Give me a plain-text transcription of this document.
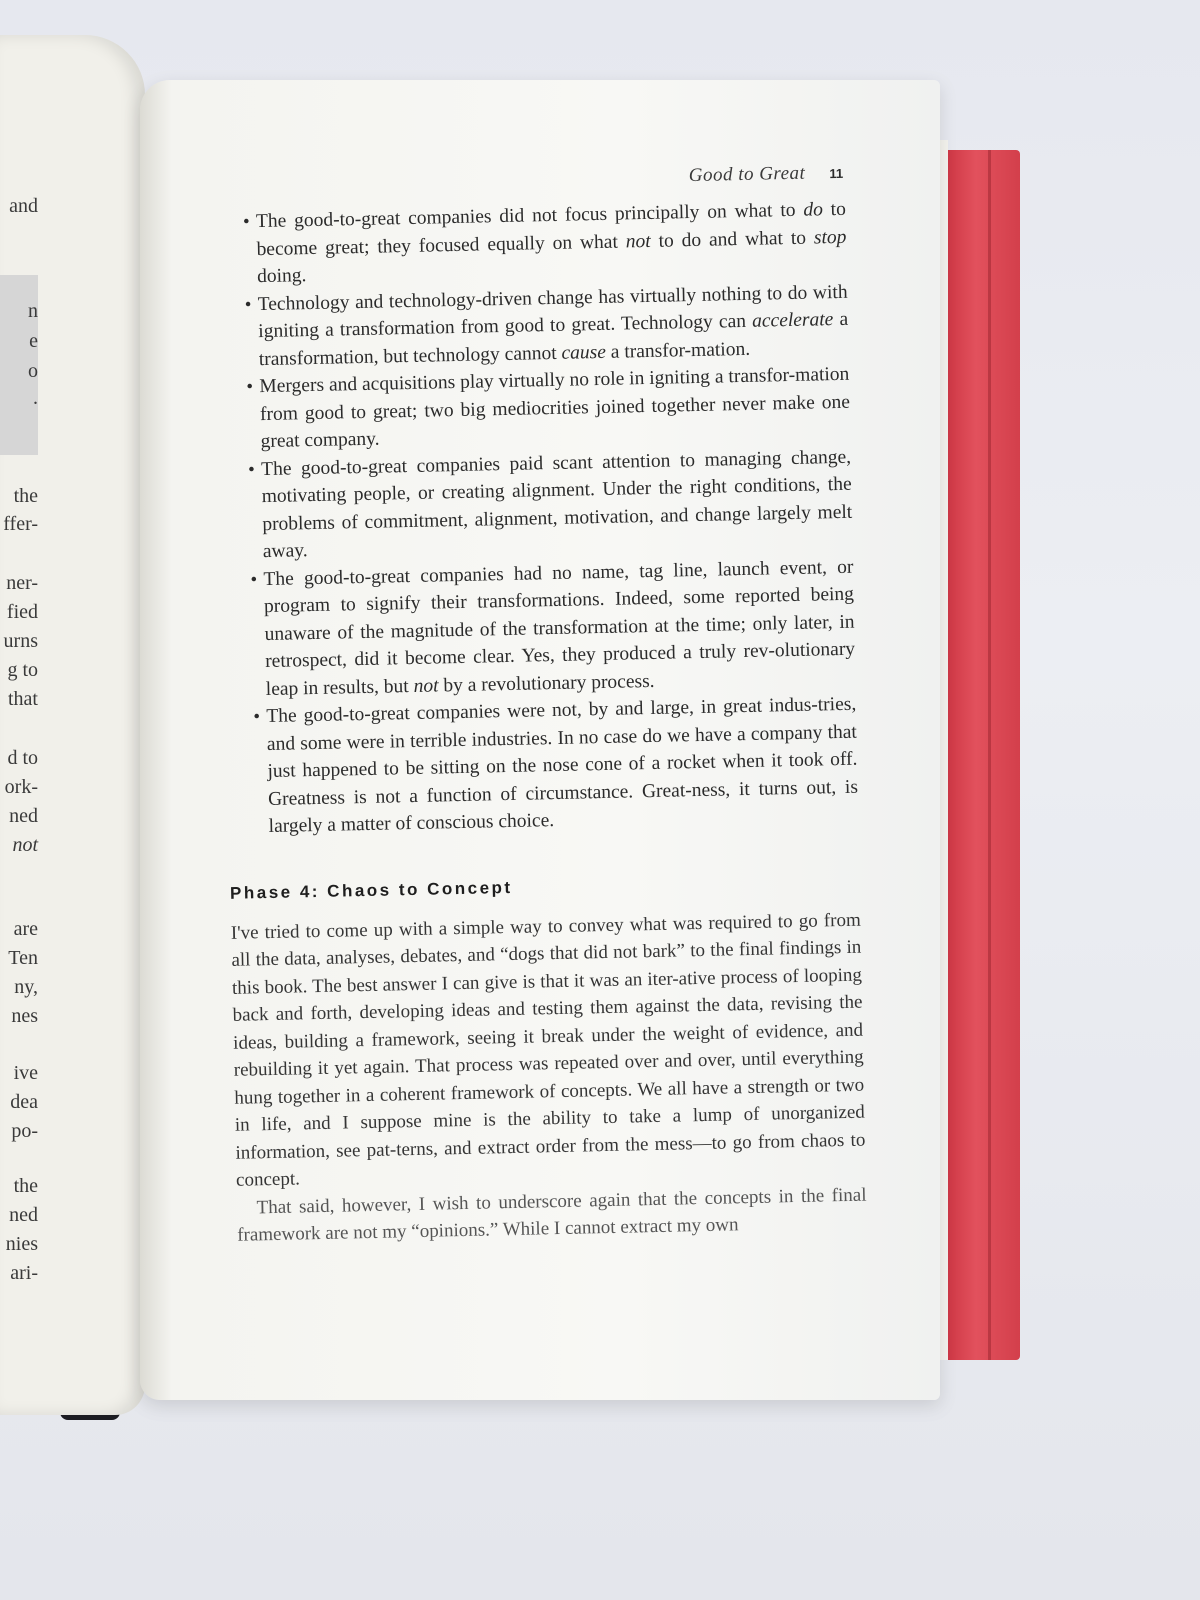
and
n
e
o
.
the
ffer-
ner-
fied
urns
g to
that
d to
ork-
ned
not
are
Ten
ny,
nes
ive
dea
po-
the
ned
nies
ari-
Good to Great 11
• The good-to-great companies did not focus principally on what to do to become great; they focused equally on what not to do and what to stop doing.
• Technology and technology-driven change has virtually nothing to do with igniting a transformation from good to great. Technology can accelerate a transformation, but technology cannot cause a transfor-mation.
• Mergers and acquisitions play virtually no role in igniting a transfor-mation from good to great; two big mediocrities joined together never make one great company.
• The good-to-great companies paid scant attention to managing change, motivating people, or creating alignment. Under the right conditions, the problems of commitment, alignment, motivation, and change largely melt away.
• The good-to-great companies had no name, tag line, launch event, or program to signify their transformations. Indeed, some reported being unaware of the magnitude of the transformation at the time; only later, in retrospect, did it become clear. Yes, they produced a truly rev-olutionary leap in results, but not by a revolutionary process.
• The good-to-great companies were not, by and large, in great indus-tries, and some were in terrible industries. In no case do we have a company that just happened to be sitting on the nose cone of a rocket when it took off. Greatness is not a function of circumstance. Great-ness, it turns out, is largely a matter of conscious choice.
Phase 4: Chaos to Concept

I've tried to come up with a simple way to convey what was required to go from all the data, analyses, debates, and “dogs that did not bark” to the final findings in this book. The best answer I can give is that it was an iter-ative process of looping back and forth, developing ideas and testing them against the data, revising the ideas, building a framework, seeing it break under the weight of evidence, and rebuilding it yet again. That process was repeated over and over, until everything hung together in a coherent framework of concepts. We all have a strength or two in life, and I suppose mine is the ability to take a lump of unorganized information, see pat-terns, and extract order from the mess—to go from chaos to concept.

That said, however, I wish to underscore again that the concepts in the final framework are not my “opinions.” While I cannot extract my own
